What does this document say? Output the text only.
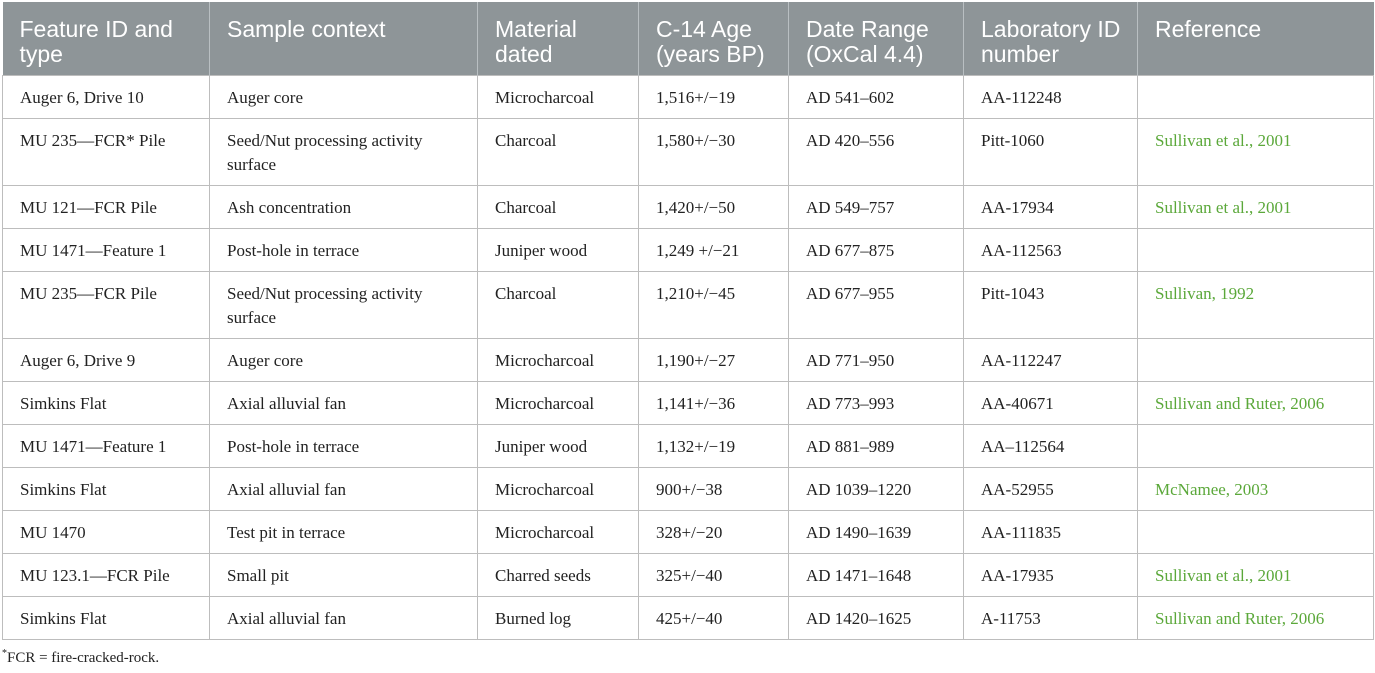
Feature ID and type	Sample context	Material dated	C-14 Age (years BP)	Date Range (OxCal 4.4)	Laboratory ID number	Reference
Auger 6, Drive 10	Auger core	Microcharcoal	1,516+/−19	AD 541–602	AA-112248	
MU 235—FCR* Pile	Seed/Nut processing activity surface	Charcoal	1,580+/−30	AD 420–556	Pitt-1060	Sullivan et al., 2001
MU 121—FCR Pile	Ash concentration	Charcoal	1,420+/−50	AD 549–757	AA-17934	Sullivan et al., 2001
MU 1471—Feature 1	Post-hole in terrace	Juniper wood	1,249 +/−21	AD 677–875	AA-112563	
MU 235—FCR Pile	Seed/Nut processing activity surface	Charcoal	1,210+/−45	AD 677–955	Pitt-1043	Sullivan, 1992
Auger 6, Drive 9	Auger core	Microcharcoal	1,190+/−27	AD 771–950	AA-112247	
Simkins Flat	Axial alluvial fan	Microcharcoal	1,141+/−36	AD 773–993	AA-40671	Sullivan and Ruter, 2006
MU 1471—Feature 1	Post-hole in terrace	Juniper wood	1,132+/−19	AD 881–989	AA–112564	
Simkins Flat	Axial alluvial fan	Microcharcoal	900+/−38	AD 1039–1220	AA-52955	McNamee, 2003
MU 1470	Test pit in terrace	Microcharcoal	328+/−20	AD 1490–1639	AA-111835	
MU 123.1—FCR Pile	Small pit	Charred seeds	325+/−40	AD 1471–1648	AA-17935	Sullivan et al., 2001
Simkins Flat	Axial alluvial fan	Burned log	425+/−40	AD 1420–1625	A-11753	Sullivan and Ruter, 2006
*FCR = fire-cracked-rock.
